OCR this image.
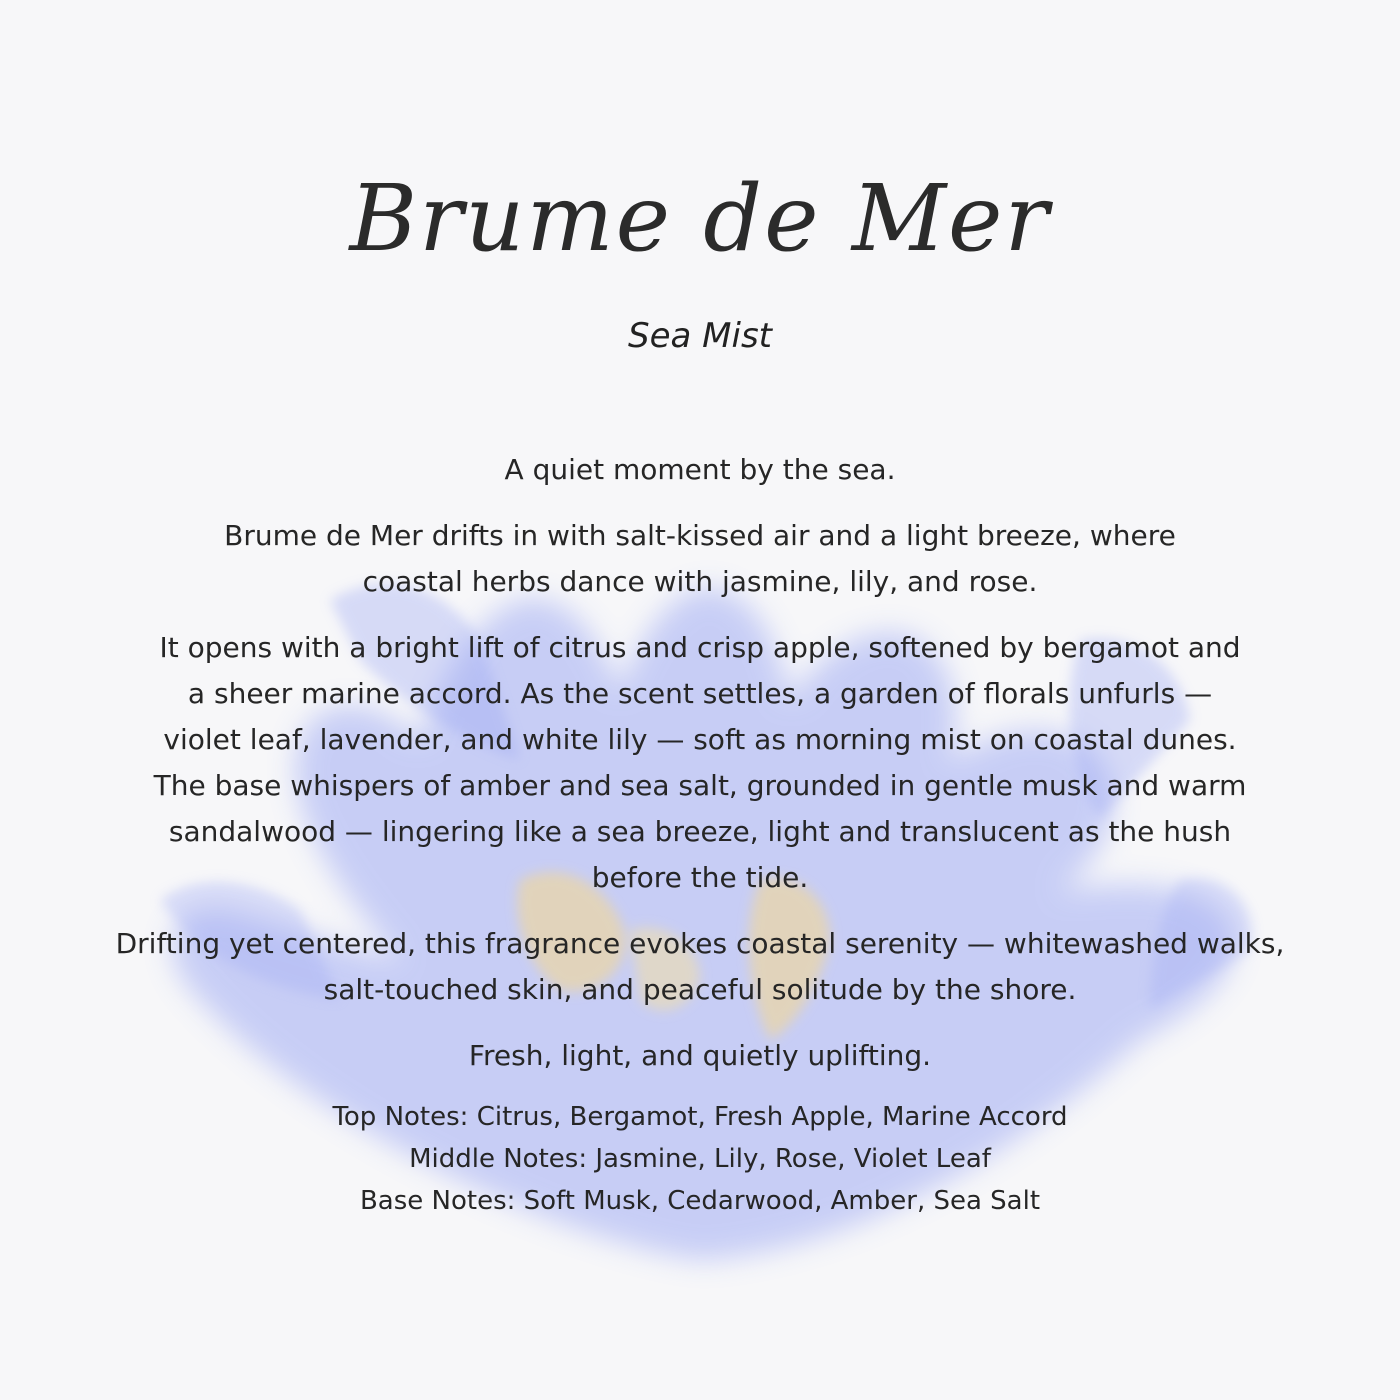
Brume de Mer
Sea Mist

A quiet moment by the sea.

Brume de Mer drifts in with salt-kissed air and a light breeze, where coastal herbs dance with jasmine, lily, and rose.

It opens with a bright lift of citrus and crisp apple, softened by bergamot and a sheer marine accord. As the scent settles, a garden of florals unfurls — violet leaf, lavender, and white lily — soft as morning mist on coastal dunes. The base whispers of amber and sea salt, grounded in gentle musk and warm sandalwood — lingering like a sea breeze, light and translucent as the hush before the tide.

Drifting yet centered, this fragrance evokes coastal serenity — whitewashed walks, salt-touched skin, and peaceful solitude by the shore.

Fresh, light, and quietly uplifting.

Top Notes: Citrus, Bergamot, Fresh Apple, Marine Accord
Middle Notes: Jasmine, Lily, Rose, Violet Leaf
Base Notes: Soft Musk, Cedarwood, Amber, Sea Salt
